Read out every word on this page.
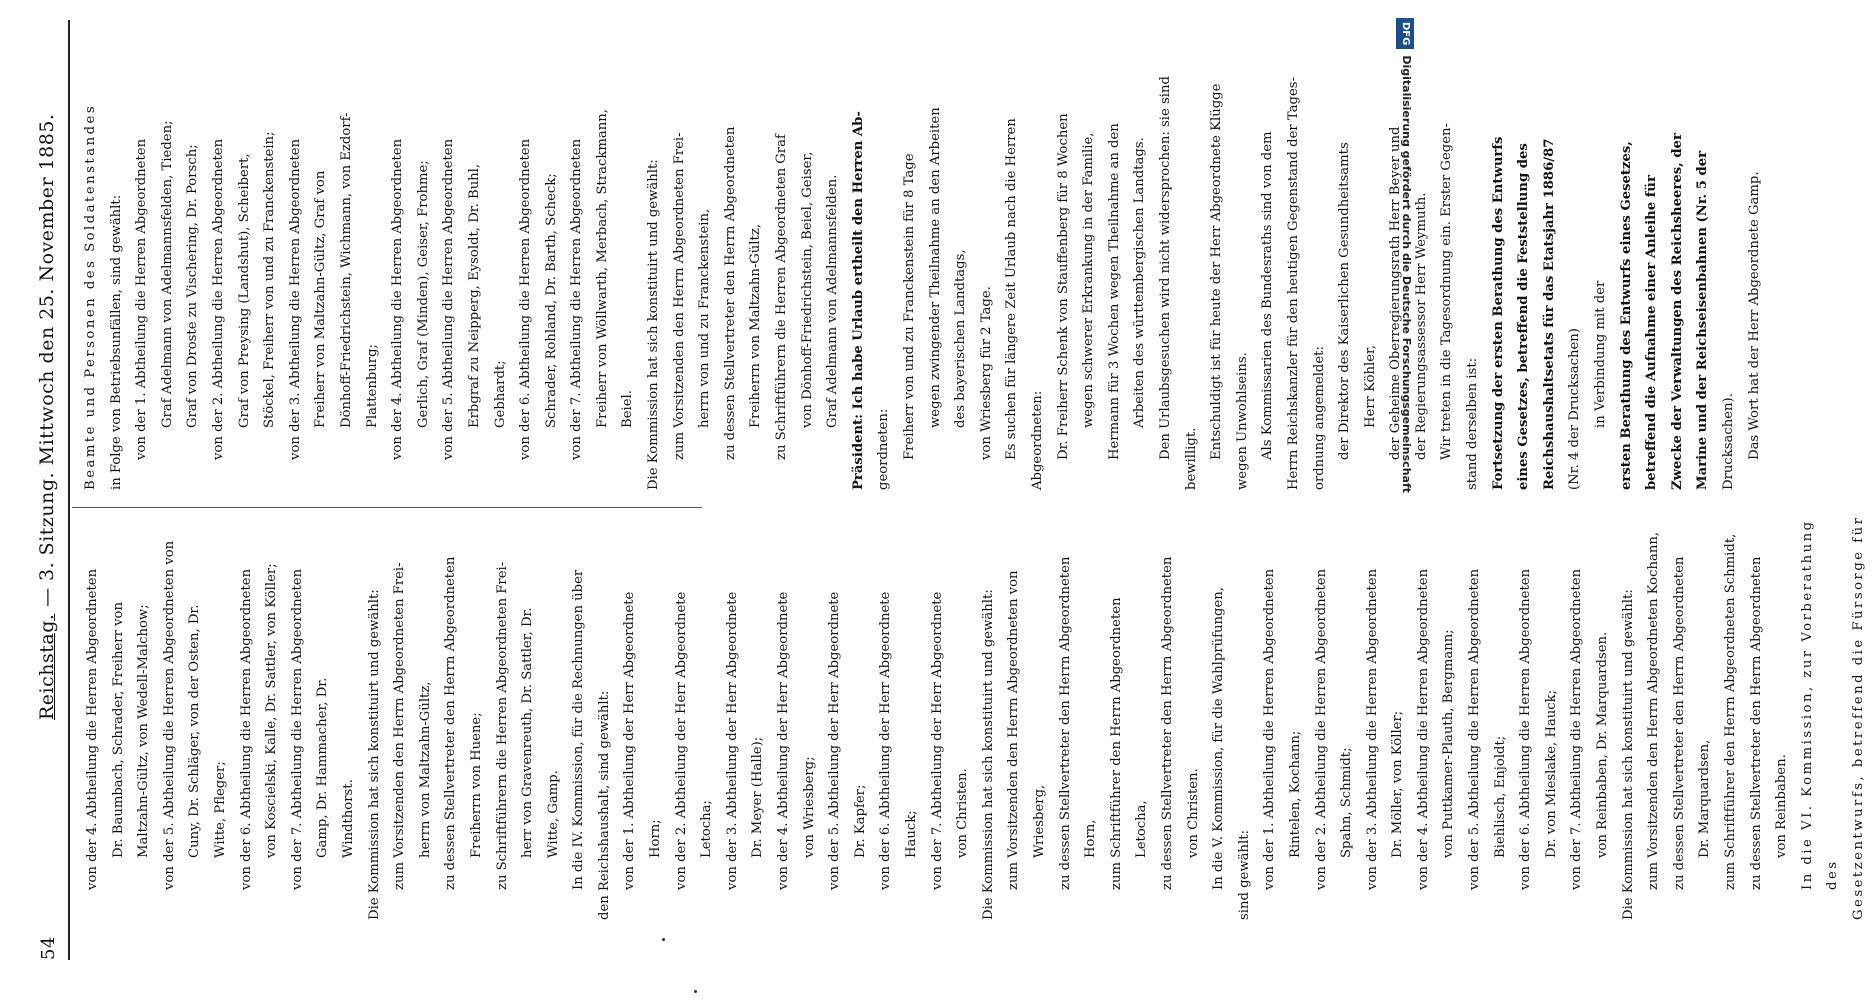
54
Reichstag. — 3. Sitzung. Mittwoch den 25. November 1885.

von der 4. Abtheilung die Herren Abgeordneten Dr. Baumbach, Schrader, Freiherr von Maltzahn-Gültz, von Wedell-Malchow; von der 5. Abtheilung die Herren Abgeordneten von Cuny, Dr. Schläger, von der Osten, Dr. Witte, Pfleger; von der 6. Abtheilung die Herren Abgeordneten von Koscielski, Kalle, Dr. Sattler, von Köller; von der 7. Abtheilung die Herren Abgeordneten Gamp, Dr. Hammacher, Dr. Windthorst. Die Kommission hat sich konstituirt und gewählt: zum Vorsitzenden den Herrn Abgeordneten Frei- herrn von Maltzahn-Gültz, zu dessen Stellvertreter den Herrn Abgeordneten Freiherrn von Huene; zu Schriftführern die Herren Abgeordneten Frei- herr von Gravenreuth, Dr. Sattler, Dr. Witte, Gamp. In die IV. Kommission, für die Rechnungen über den Reichshaushalt, sind gewählt: von der 1. Abtheilung der Herr Abgeordnete Horn; von der 2. Abtheilung der Herr Abgeordnete Letocha; von der 3. Abtheilung der Herr Abgeordnete Dr. Meyer (Halle); von der 4. Abtheilung der Herr Abgeordnete von Wriesberg; von der 5. Abtheilung der Herr Abgeordnete Dr. Kapfer; von der 6. Abtheilung der Herr Abgeordnete Hauck; von der 7. Abtheilung der Herr Abgeordnete von Christen. Die Kommission hat sich konstituirt und gewählt: zum Vorsitzenden den Herrn Abgeordneten von Wriesberg, zu dessen Stellvertreter den Herrn Abgeordneten Horn, zum Schriftführer den Herrn Abgeordneten Letocha, zu dessen Stellvertreter den Herrn Abgeordneten von Christen. In die V. Kommission, für die Wahlprüfungen, sind gewählt: von der 1. Abtheilung die Herren Abgeordneten Rintelen, Kochann; von der 2. Abtheilung die Herren Abgeordneten Spahn, Schmidt; von der 3. Abtheilung die Herren Abgeordneten Dr. Möller, von Köller; von der 4. Abtheilung die Herren Abgeordneten von Puttkamer-Plauth, Bergmann; von der 5. Abtheilung die Herren Abgeordneten Biehlisch, Enjoldt; von der 6. Abtheilung die Herren Abgeordneten Dr. von Mieslake, Hauck; von der 7. Abtheilung die Herren Abgeordneten von Reinbaben, Dr. Marquardsen. Die Kommission hat sich konstituirt und gewählt: zum Vorsitzenden den Herrn Abgeordneten Kochann, zu dessen Stellvertreter den Herrn Abgeordneten Dr. Marquardsen, zum Schriftführer den Herrn Abgeordneten Schmidt, zu dessen Stellvertreter den Herrn Abgeordneten von Reinbaben. In die VI. Kommission, zur Vorberathung des Gesetzentwurfs, betreffend die Fürsorge für

Beamte und Personen des Soldatenstandes in Folge von Betriebsunfällen, sind gewählt: von der 1. Abtheilung die Herren Abgeordneten Graf Adelmann von Adelmannsfelden, Tieden; Graf von Droste zu Vischering, Dr. Porsch; von der 2. Abtheilung die Herren Abgeordneten Graf von Preysing (Landshut), Scheibert, Stöckel, Freiherr von und zu Franckenstein; von der 3. Abtheilung die Herren Abgeordneten Freiherr von Maltzahn-Gültz, Graf von Dönhoff-Friedrichstein, Wichmann, von Ezdorf- Plattenburg; von der 4. Abtheilung die Herren Abgeordneten Gerlich, Graf (Minden), Geiser, Frohme; von der 5. Abtheilung die Herren Abgeordneten Erbgraf zu Neipperg, Eysoldt, Dr. Buhl, Gebhardt; von der 6. Abtheilung die Herren Abgeordneten Schrader, Rohland, Dr. Barth, Scheck; von der 7. Abtheilung die Herren Abgeordneten Freiherr von Wöllwarth, Merbach, Strackmann, Beiel. Die Kommission hat sich konstituirt und gewählt: zum Vorsitzenden den Herrn Abgeordneten Frei- herrn von und zu Franckenstein, zu dessen Stellvertreter den Herrn Abgeordneten Freiherrn von Maltzahn-Gültz, zu Schriftführern die Herren Abgeordneten Graf von Dönhoff-Friedrichstein, Beiel, Geiser, Graf Adelmann von Adelmannsfelden. Präsident: Ich habe Urlaub ertheilt den Herren Ab- geordneten: Freiherr von und zu Franckenstein für 8 Tage wegen zwingender Theilnahme an den Arbeiten des bayerischen Landtags, von Wriesberg für 2 Tage. Es suchen für längere Zeit Urlaub nach die Herren Abgeordneten: Dr. Freiherr Schenk von Stauffenberg für 8 Wochen wegen schwerer Erkrankung in der Familie, Hermann für 3 Wochen wegen Theilnahme an den Arbeiten des württembergischen Landtags. Den Urlaubsgesuchen wird nicht widersprochen: sie sind bewilligt. Entschuldigt ist für heute der Herr Abgeordnete Klügge wegen Unwohlseins. Als Kommissarien des Bundesraths sind von dem Herrn Reichskanzler für den heutigen Gegenstand der Tages- ordnung angemeldet: der Direktor des Kaiserlichen Gesundheitsamts Herr Köhler, der Geheime Oberregierungsrath Herr Beyer und der Regierungsassessor Herr Weymuth. Wir treten in die Tagesordnung ein. Erster Gegen- stand derselben ist: Fortsetzung der ersten Berathung des Entwurfs eines Gesetzes, betreffend die Feststellung des Reichshaushaltsetats für das Etatsjahr 1886/87 (Nr. 4 der Drucksachen) in Verbindung mit der ersten Berathung des Entwurfs eines Gesetzes, betreffend die Aufnahme einer Anleihe für Zwecke der Verwaltungen des Reichsheeres, der Marine und der Reichseisenbahnen (Nr. 5 der Drucksachen). Das Wort hat der Herr Abgeordnete Gamp.

DFGDigitalisierung gefördert durch die Deutsche Forschungsgemeinschaft
